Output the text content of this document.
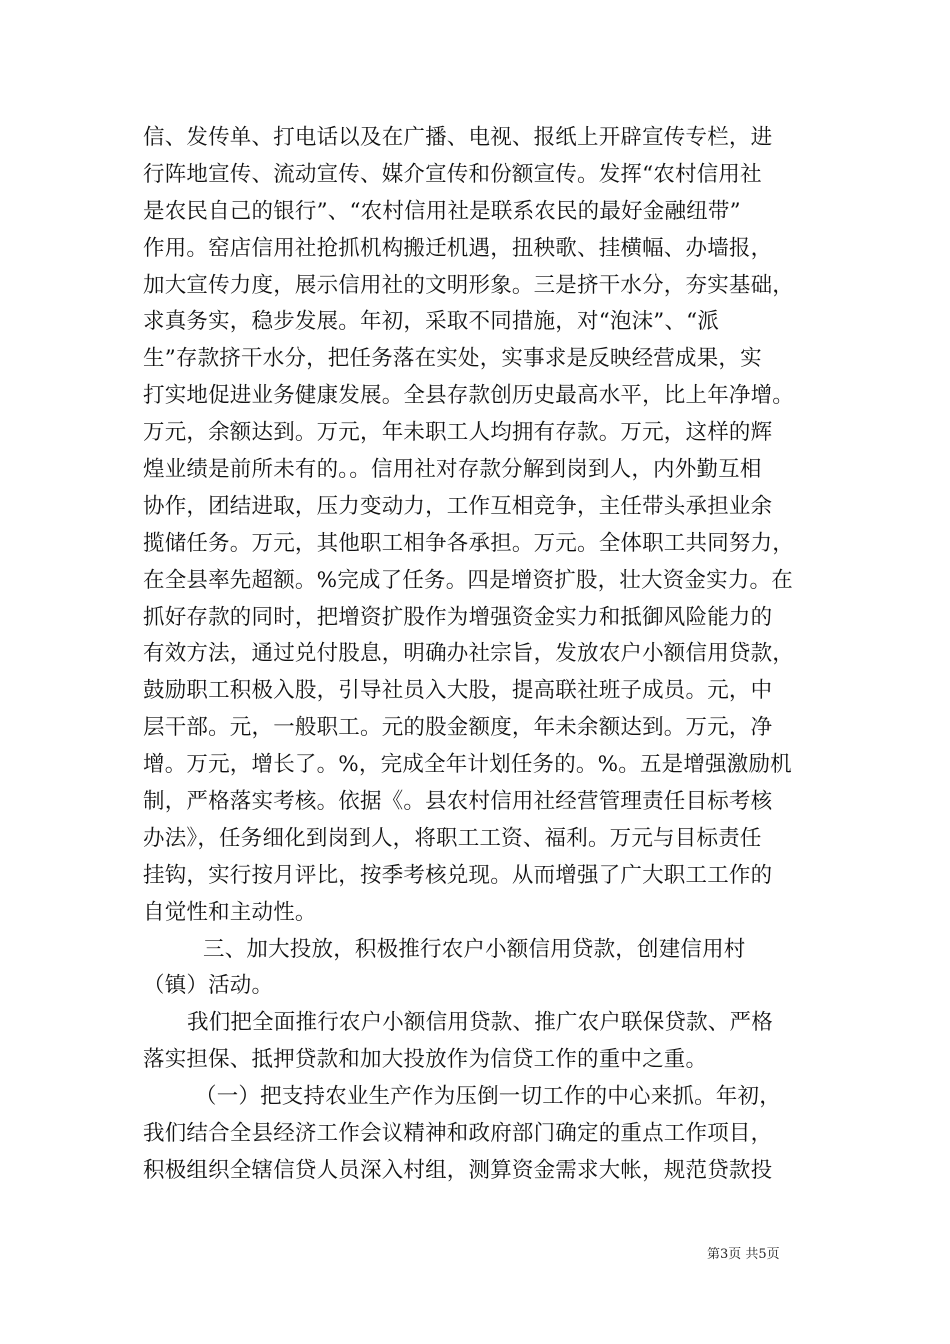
信、发传单、打电话以及在广播、电视、报纸上开辟宣传专栏，进
行阵地宣传、流动宣传、媒介宣传和份额宣传。发挥“农村信用社
是农民自己的银行”、“农村信用社是联系农民的最好金融纽带”
作用。窑店信用社抢抓机构搬迁机遇，扭秧歌、挂横幅、办墙报，
加大宣传力度，展示信用社的文明形象。三是挤干水分，夯实基础，
求真务实，稳步发展。年初，采取不同措施，对“泡沫”、“派
生”存款挤干水分，把任务落在实处，实事求是反映经营成果，实
打实地促进业务健康发展。全县存款创历史最高水平，比上年净增。
万元，余额达到。万元，年未职工人均拥有存款。万元，这样的辉
煌业绩是前所未有的。。信用社对存款分解到岗到人，内外勤互相
协作，团结进取，压力变动力，工作互相竞争，主任带头承担业余
揽储任务。万元，其他职工相争各承担。万元。全体职工共同努力，
在全县率先超额。%完成了任务。四是增资扩股，壮大资金实力。在
抓好存款的同时，把增资扩股作为增强资金实力和抵御风险能力的
有效方法，通过兑付股息，明确办社宗旨，发放农户小额信用贷款，
鼓励职工积极入股，引导社员入大股，提高联社班子成员。元，中
层干部。元，一般职工。元的股金额度，年未余额达到。万元，净
增。万元，增长了。%，完成全年计划任务的。%。五是增强激励机
制，严格落实考核。依据《。县农村信用社经营管理责任目标考核
办法》，任务细化到岗到人，将职工工资、福利。万元与目标责任
挂钩，实行按月评比，按季考核兑现。从而增强了广大职工工作的
自觉性和主动性。
三、加大投放，积极推行农户小额信用贷款，创建信用村
（镇）活动。
我们把全面推行农户小额信用贷款、推广农户联保贷款、严格
落实担保、抵押贷款和加大投放作为信贷工作的重中之重。
（一）把支持农业生产作为压倒一切工作的中心来抓。年初，
我们结合全县经济工作会议精神和政府部门确定的重点工作项目，
积极组织全辖信贷人员深入村组，测算资金需求大帐，规范贷款投
第3页 共5页
